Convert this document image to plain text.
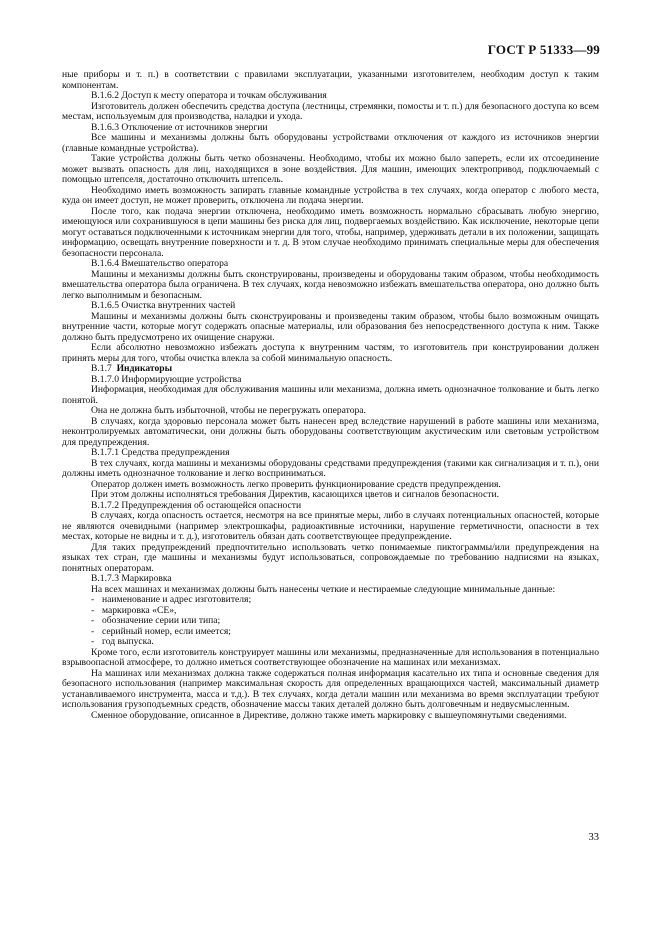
ГОСТ Р 51333—99

ные приборы и т. п.) в соответствии с правилами эксплуатации, указанными изготовителем, необходим доступ к таким компонентам.

В.1.6.2 Доступ к месту оператора и точкам обслуживания

Изготовитель должен обеспечить средства доступа (лестницы, стремянки, помосты и т. п.) для безопасного доступа ко всем местам, используемым для производства, наладки и ухода.

В.1.6.3 Отключение от источников энергии

Все машины и механизмы должны быть оборудованы устройствами отключения от каждого из источников энергии (главные командные устройства).

Такие устройства должны быть четко обозначены. Необходимо, чтобы их можно было запереть, если их отсоединение может вызвать опасность для лиц, находящихся в зоне воздействия. Для машин, имеющих электропривод, подключаемый с помощью штепселя, достаточно отключить штепсель.

Необходимо иметь возможность запирать главные командные устройства в тех случаях, когда оператор с любого места, куда он имеет доступ, не может проверить, отключена ли подача энергии.

После того, как подача энергии отключена, необходимо иметь возможность нормально сбрасывать любую энергию, имеющуюся или сохранившуюся в цепи машины без риска для лиц, подвергаемых воздействию. Как исключение, некоторые цепи могут оставаться подключенными к источникам энергии для того, чтобы, например, удерживать детали в их положении, защищать информацию, освещать внутренние поверхности и т. д. В этом случае необходимо принимать специальные меры для обеспечения безопасности персонала.

В.1.6.4 Вмешательство оператора

Машины и механизмы должны быть сконструированы, произведены и оборудованы таким образом, чтобы необходимость вмешательства оператора была ограничена. В тех случаях, когда невозможно избежать вмешательства оператора, оно должно быть легко выполнимым и безопасным.

В.1.6.5 Очистка внутренних частей

Машины и механизмы должны быть сконструированы и произведены таким образом, чтобы было возможным очищать внутренние части, которые могут содержать опасные материалы, или образования без непосредственного доступа к ним. Также должно быть предусмотрено их очищение снаружи.

Если абсолютно невозможно избежать доступа к внутренним частям, то изготовитель при конструировании должен принять меры для того, чтобы очистка влекла за собой минимальную опасность.

В.1.7 Индикаторы

В.1.7.0 Информирующие устройства

Информация, необходимая для обслуживания машины или механизма, должна иметь однозначное толкование и быть легко понятой.

Она не должна быть избыточной, чтобы не перегружать оператора.

В случаях, когда здоровью персонала может быть нанесен вред вследствие нарушений в работе машины или механизма, неконтролируемых автоматически, они должны быть оборудованы соответствующим акустическим или световым устройством для предупреждения.

В.1.7.1 Средства предупреждения

В тех случаях, когда машины и механизмы оборудованы средствами предупреждения (такими как сигнализация и т. п.), они должны иметь однозначное толкование и легко восприниматься.

Оператор должен иметь возможность легко проверить функционирование средств предупреждения.

При этом должны исполняться требования Директив, касающихся цветов и сигналов безопасности.

В.1.7.2 Предупреждения об остающейся опасности

В случаях, когда опасность остается, несмотря на все принятые меры, либо в случаях потенциальных опасностей, которые не являются очевидными (например электрошкафы, радиоактивные источники, нарушение герметичности, опасности в тех местах, которые не видны и т. д.), изготовитель обязан дать соответствующее предупреждение.

Для таких предупреждений предпочтительно использовать четко понимаемые пиктограммы/или предупреждения на языках тех стран, где машины и механизмы будут использоваться, сопровождаемые по требованию надписями на языках, понятных операторам.

В.1.7.3 Маркировка

На всех машинах и механизмах должны быть нанесены четкие и нестираемые следующие минимальные данные:

- наименование и адрес изготовителя;
- маркировка «СЕ»,
- обозначение серии или типа;
- серийный номер, если имеется;
- год выпуска.

Кроме того, если изготовитель конструирует машины или механизмы, предназначенные для использования в потенциально взрывоопасной атмосфере, то должно иметься соответствующее обозначение на машинах или механизмах.

На машинах или механизмах должна также содержаться полная информация касательно их типа и основные сведения для безопасного использования (например максимальная скорость для определенных вращающихся частей, максимальный диаметр устанавливаемого инструмента, масса и т.д.). В тех случаях, когда детали машин или механизма во время эксплуатации требуют использования грузоподъемных средств, обозначение массы таких деталей должно быть долговечным и недвусмысленным.

Сменное оборудование, описанное в Директиве, должно также иметь маркировку с вышеупомянутыми сведениями.

33
